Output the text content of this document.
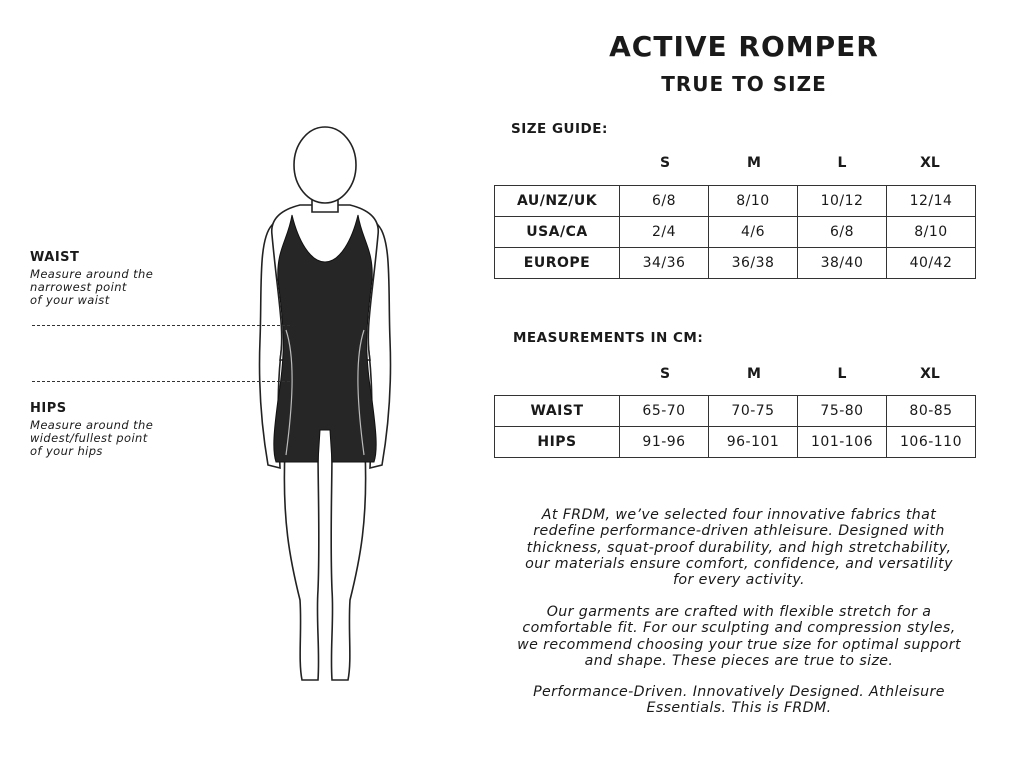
WAIST
Measure around the
narrowest point
of your waist
HIPS
Measure around the
widest/fullest point
of your hips
ACTIVE ROMPER
TRUE TO SIZE
SIZE GUIDE:
S	M	L	XL
AU/NZ/UK	6/8	8/10	10/12	12/14
USA/CA	2/4	4/6	6/8	8/10
EUROPE	34/36	36/38	38/40	40/42
MEASUREMENTS IN CM:
S	M	L	XL
WAIST	65-70	70-75	75-80	80-85
HIPS	91-96	96-101	101-106	106-110
At FRDM, we’ve selected four innovative fabrics that
redefine performance-driven athleisure. Designed with
thickness, squat-proof durability, and high stretchability,
our materials ensure comfort, confidence, and versatility
for every activity.
Our garments are crafted with flexible stretch for a
comfortable fit. For our sculpting and compression styles,
we recommend choosing your true size for optimal support
and shape. These pieces are true to size.
Performance-Driven. Innovatively Designed. Athleisure
Essentials. This is FRDM.
